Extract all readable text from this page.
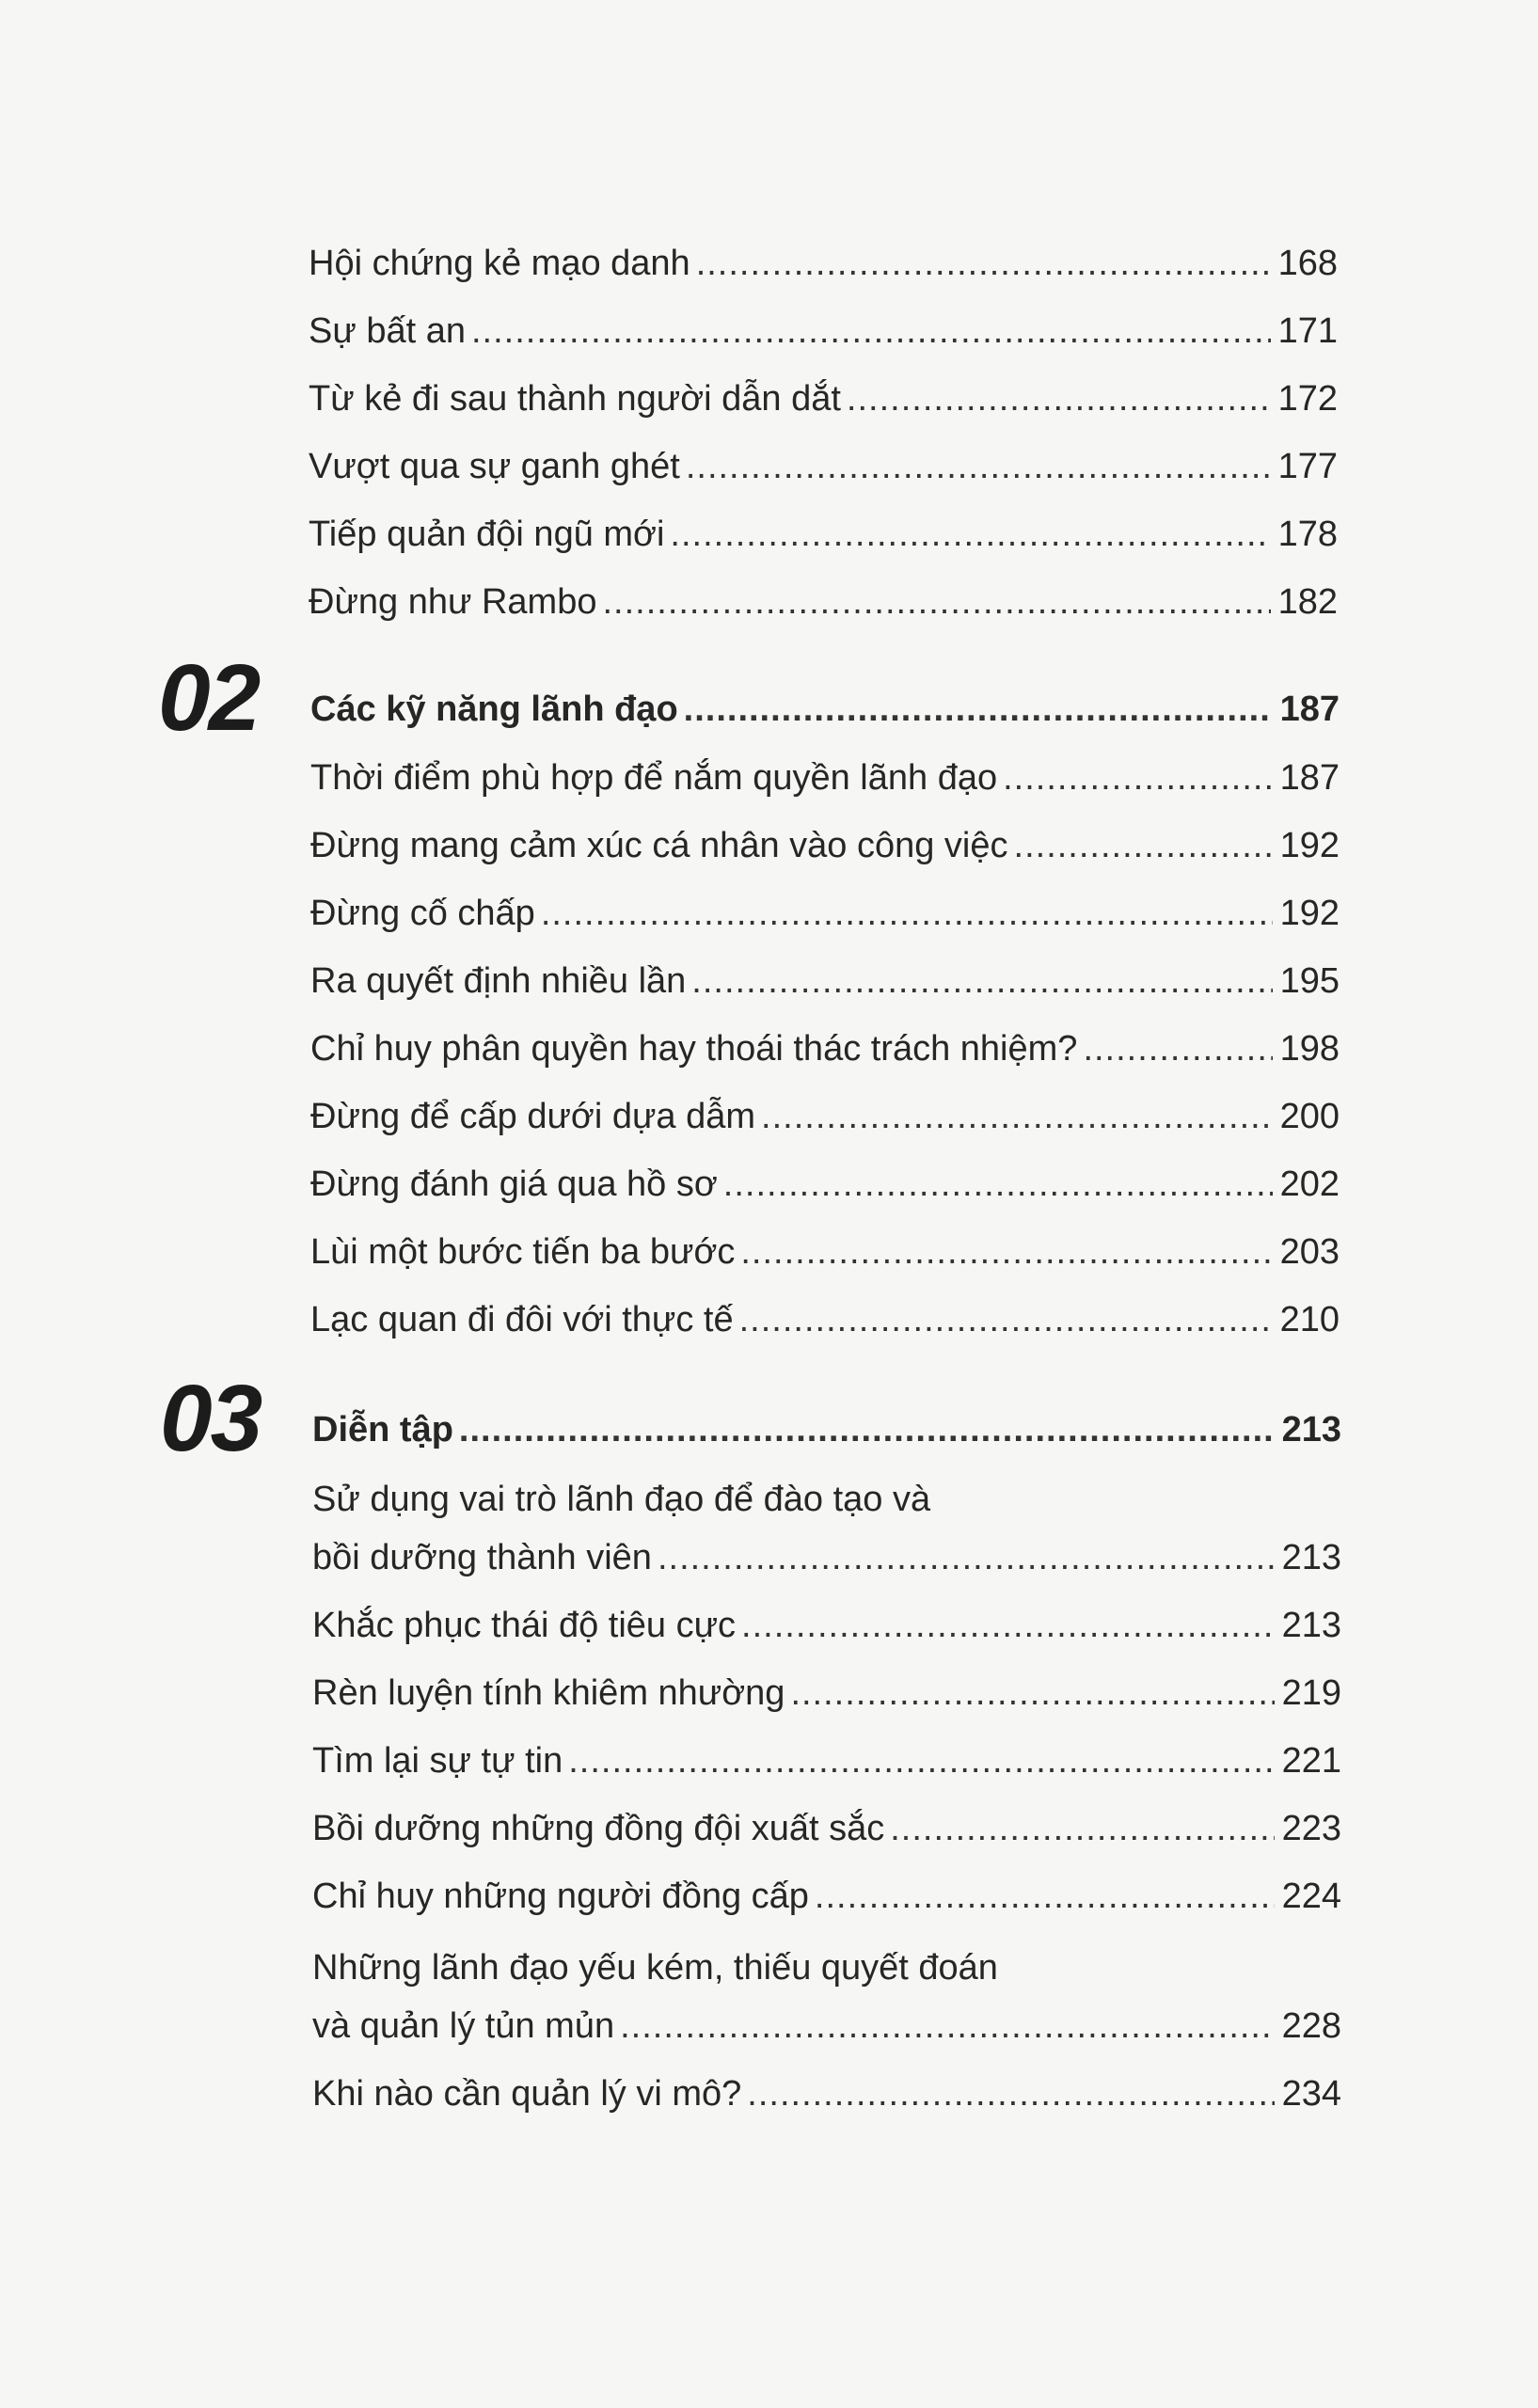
Hội chứng kẻ mạo danh .....	168
Sự bất an .....	171
Từ kẻ đi sau thành người dẫn dắt .....	172
Vượt qua sự ganh ghét .....	177
Tiếp quản đội ngũ mới .....	178
Đừng như Rambo .....	182
02 Các kỹ năng lãnh đạo .....	187
Thời điểm phù hợp để nắm quyền lãnh đạo .....	187
Đừng mang cảm xúc cá nhân vào công việc .....	192
Đừng cố chấp .....	192
Ra quyết định nhiều lần .....	195
Chỉ huy phân quyền hay thoái thác trách nhiệm? .....	198
Đừng để cấp dưới dựa dẫm .....	200
Đừng đánh giá qua hồ sơ .....	202
Lùi một bước tiến ba bước .....	203
Lạc quan đi đôi với thực tế .....	210
03 Diễn tập .....	213
Sử dụng vai trò lãnh đạo để đào tạo và
bồi dưỡng thành viên .....	213
Khắc phục thái độ tiêu cực .....	213
Rèn luyện tính khiêm nhường .....	219
Tìm lại sự tự tin .....	221
Bồi dưỡng những đồng đội xuất sắc .....	223
Chỉ huy những người đồng cấp .....	224
Những lãnh đạo yếu kém, thiếu quyết đoán
và quản lý tủn mủn .....	228
Khi nào cần quản lý vi mô? .....	234
